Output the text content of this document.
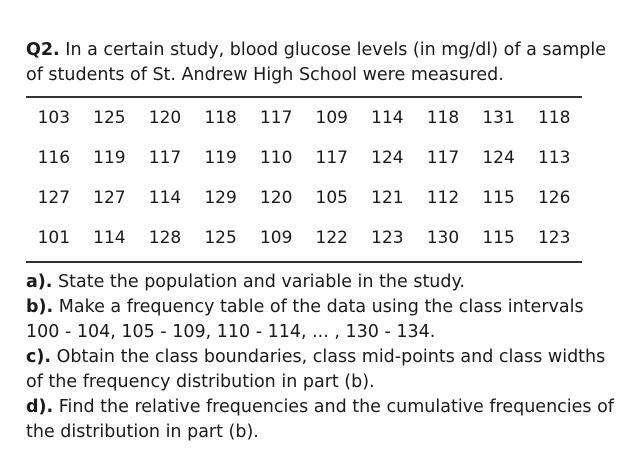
Q2. In a certain study, blood glucose levels (in mg/dl) of a sample
of students of St. Andrew High School were measured.
103	125	120	118	117	109	114	118	131	118
116	119	117	119	110	117	124	117	124	113
127	127	114	129	120	105	121	112	115	126
101	114	128	125	109	122	123	130	115	123
a). State the population and variable in the study.
b). Make a frequency table of the data using the class intervals
100 - 104, 105 - 109, 110 - 114, ... , 130 - 134.
c). Obtain the class boundaries, class mid-points and class widths
of the frequency distribution in part (b).
d). Find the relative frequencies and the cumulative frequencies of
the distribution in part (b).
